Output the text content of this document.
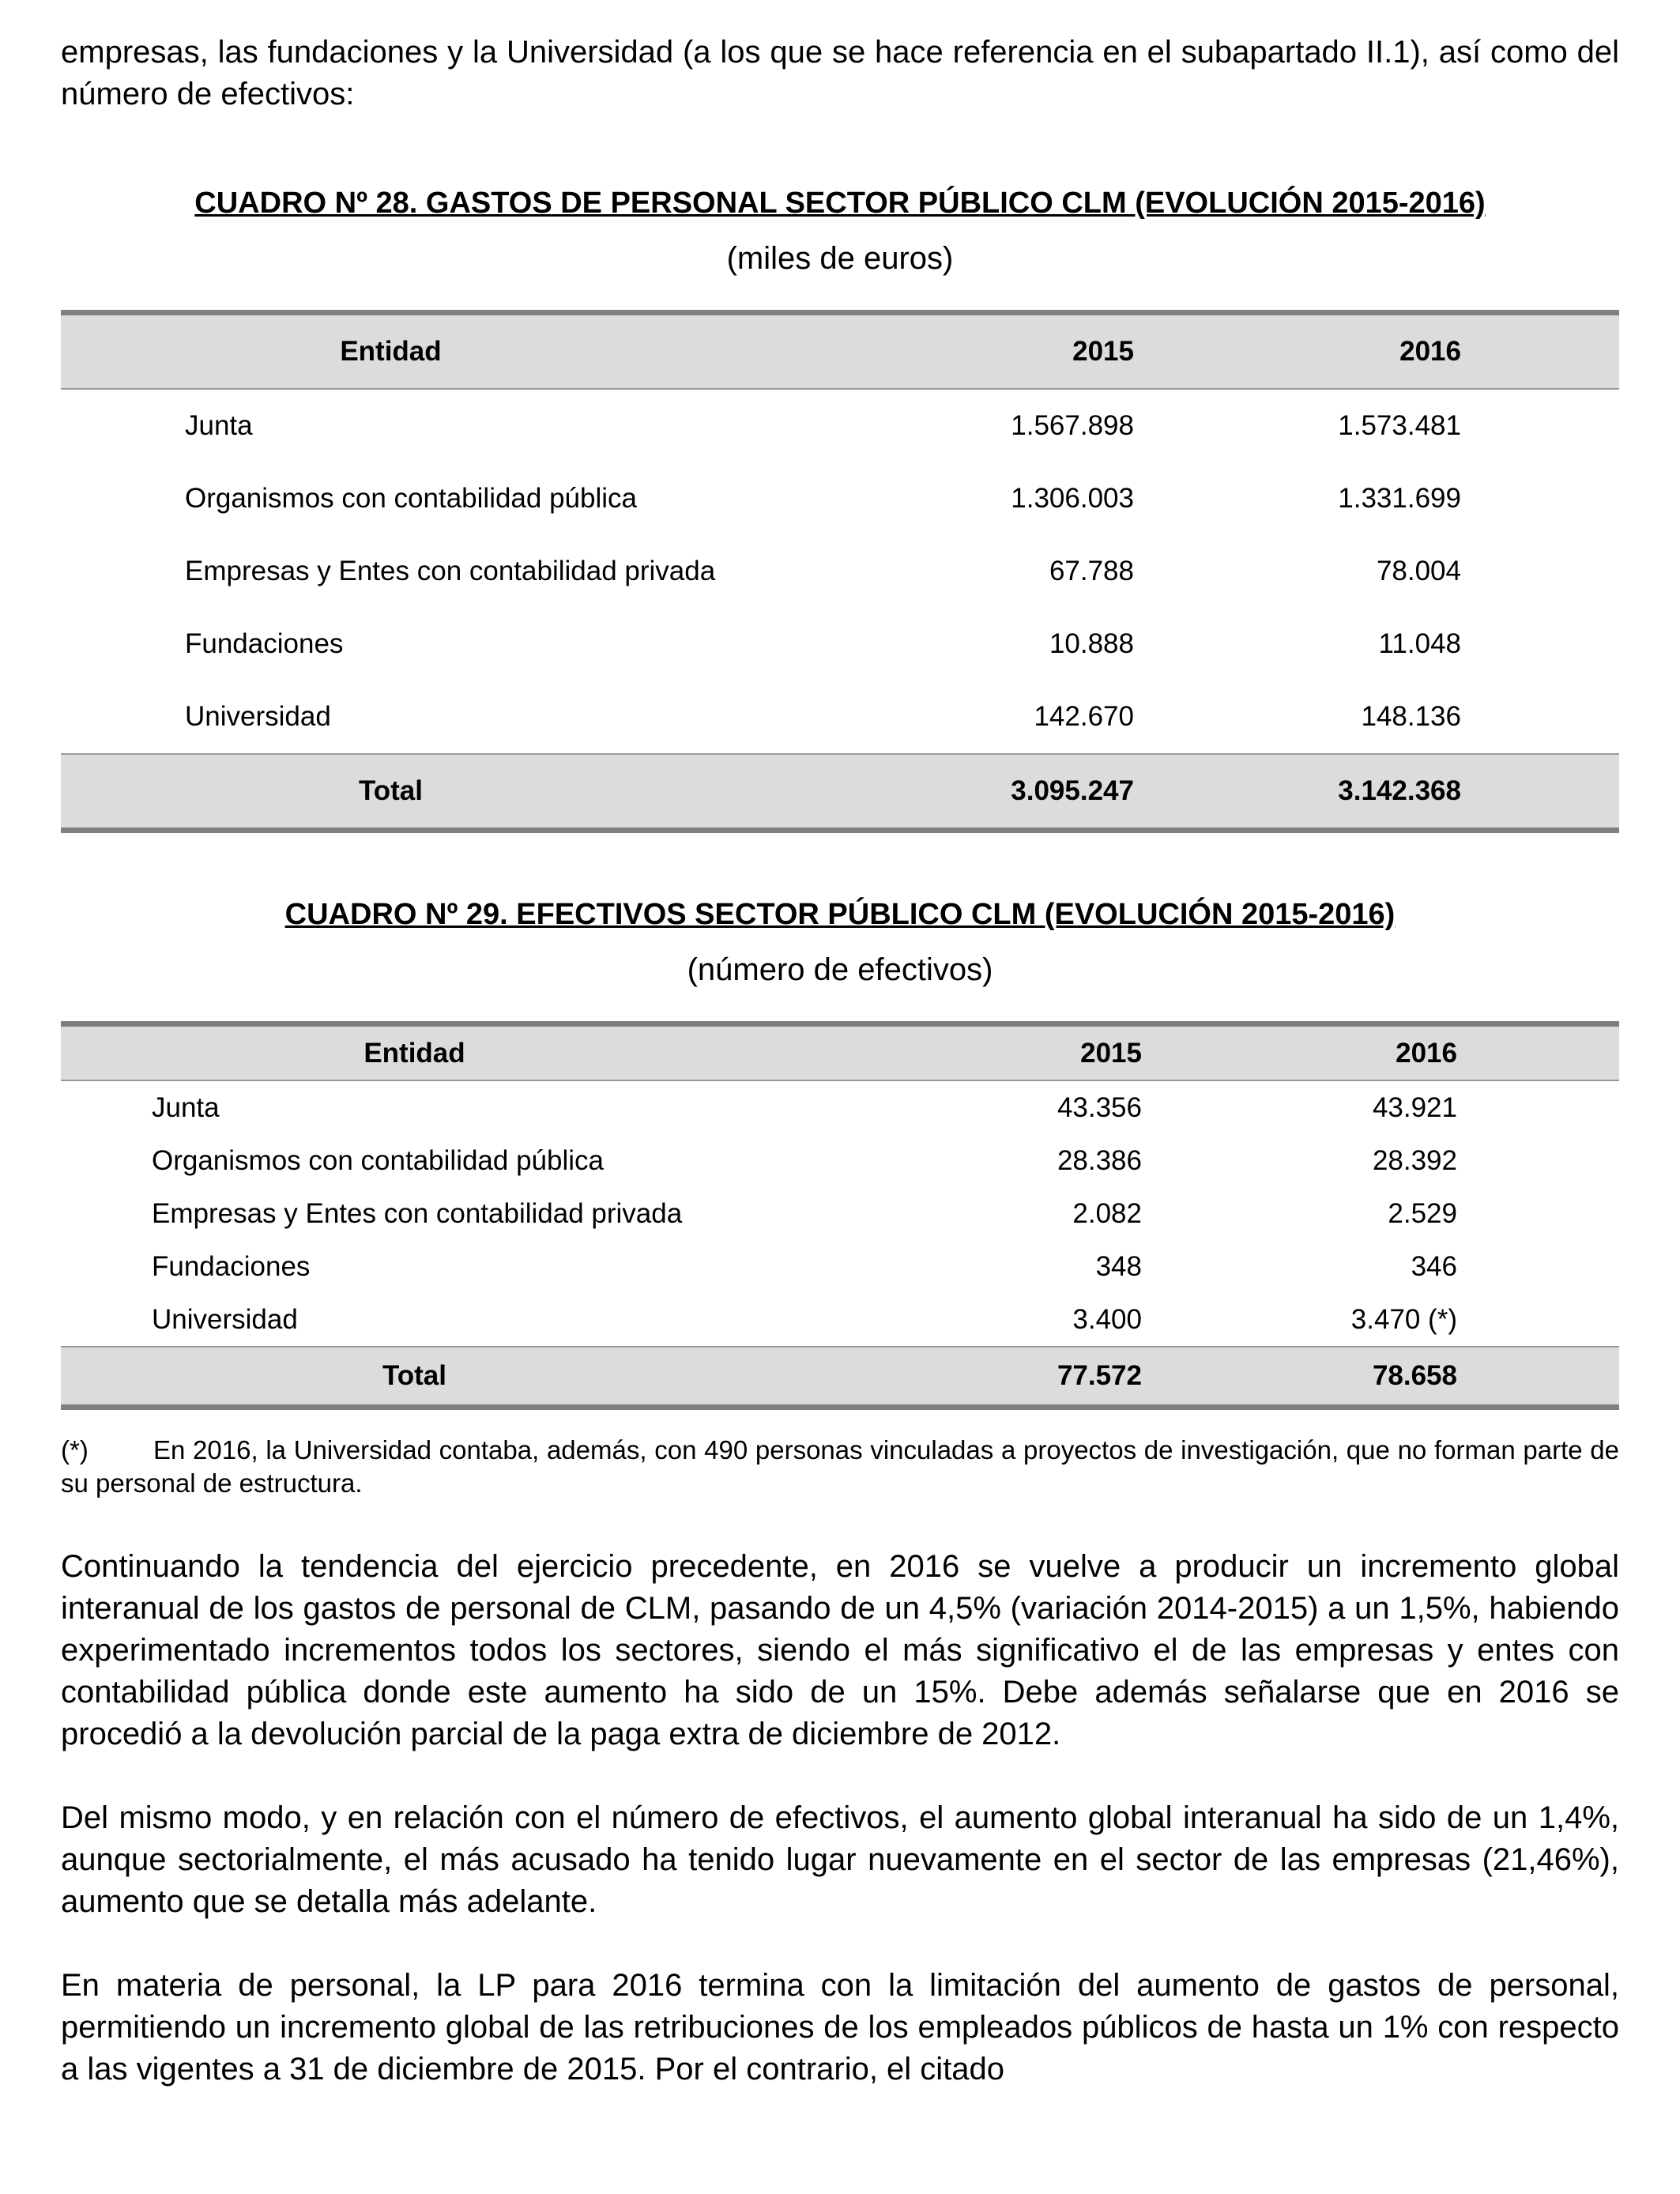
empresas, las fundaciones y la Universidad (a los que se hace referencia en el subapartado II.1), así como del número de efectivos:

CUADRO Nº 28. GASTOS DE PERSONAL SECTOR PÚBLICO CLM (EVOLUCIÓN 2015-2016)

(miles de euros)

Entidad	2015	2016
Junta	1.567.898	1.573.481
Organismos con contabilidad pública	1.306.003	1.331.699
Empresas y Entes con contabilidad privada	67.788	78.004
Fundaciones	10.888	11.048
Universidad	142.670	148.136
Total	3.095.247	3.142.368

CUADRO Nº 29. EFECTIVOS SECTOR PÚBLICO CLM (EVOLUCIÓN 2015-2016)

(número de efectivos)

Entidad	2015	2016
Junta	43.356	43.921
Organismos con contabilidad pública	28.386	28.392
Empresas y Entes con contabilidad privada	2.082	2.529
Fundaciones	348	346
Universidad	3.400	3.470 (*)
Total	77.572	78.658

(*) En 2016, la Universidad contaba, además, con 490 personas vinculadas a proyectos de investigación, que no forman parte de su personal de estructura.

Continuando la tendencia del ejercicio precedente, en 2016 se vuelve a producir un incremento global interanual de los gastos de personal de CLM, pasando de un 4,5% (variación 2014-2015) a un 1,5%, habiendo experimentado incrementos todos los sectores, siendo el más significativo el de las empresas y entes con contabilidad pública donde este aumento ha sido de un 15%. Debe además señalarse que en 2016 se procedió a la devolución parcial de la paga extra de diciembre de 2012.

Del mismo modo, y en relación con el número de efectivos, el aumento global interanual ha sido de un 1,4%, aunque sectorialmente, el más acusado ha tenido lugar nuevamente en el sector de las empresas (21,46%), aumento que se detalla más adelante.

En materia de personal, la LP para 2016 termina con la limitación del aumento de gastos de personal, permitiendo un incremento global de las retribuciones de los empleados públicos de hasta un 1% con respecto a las vigentes a 31 de diciembre de 2015. Por el contrario, el citado
